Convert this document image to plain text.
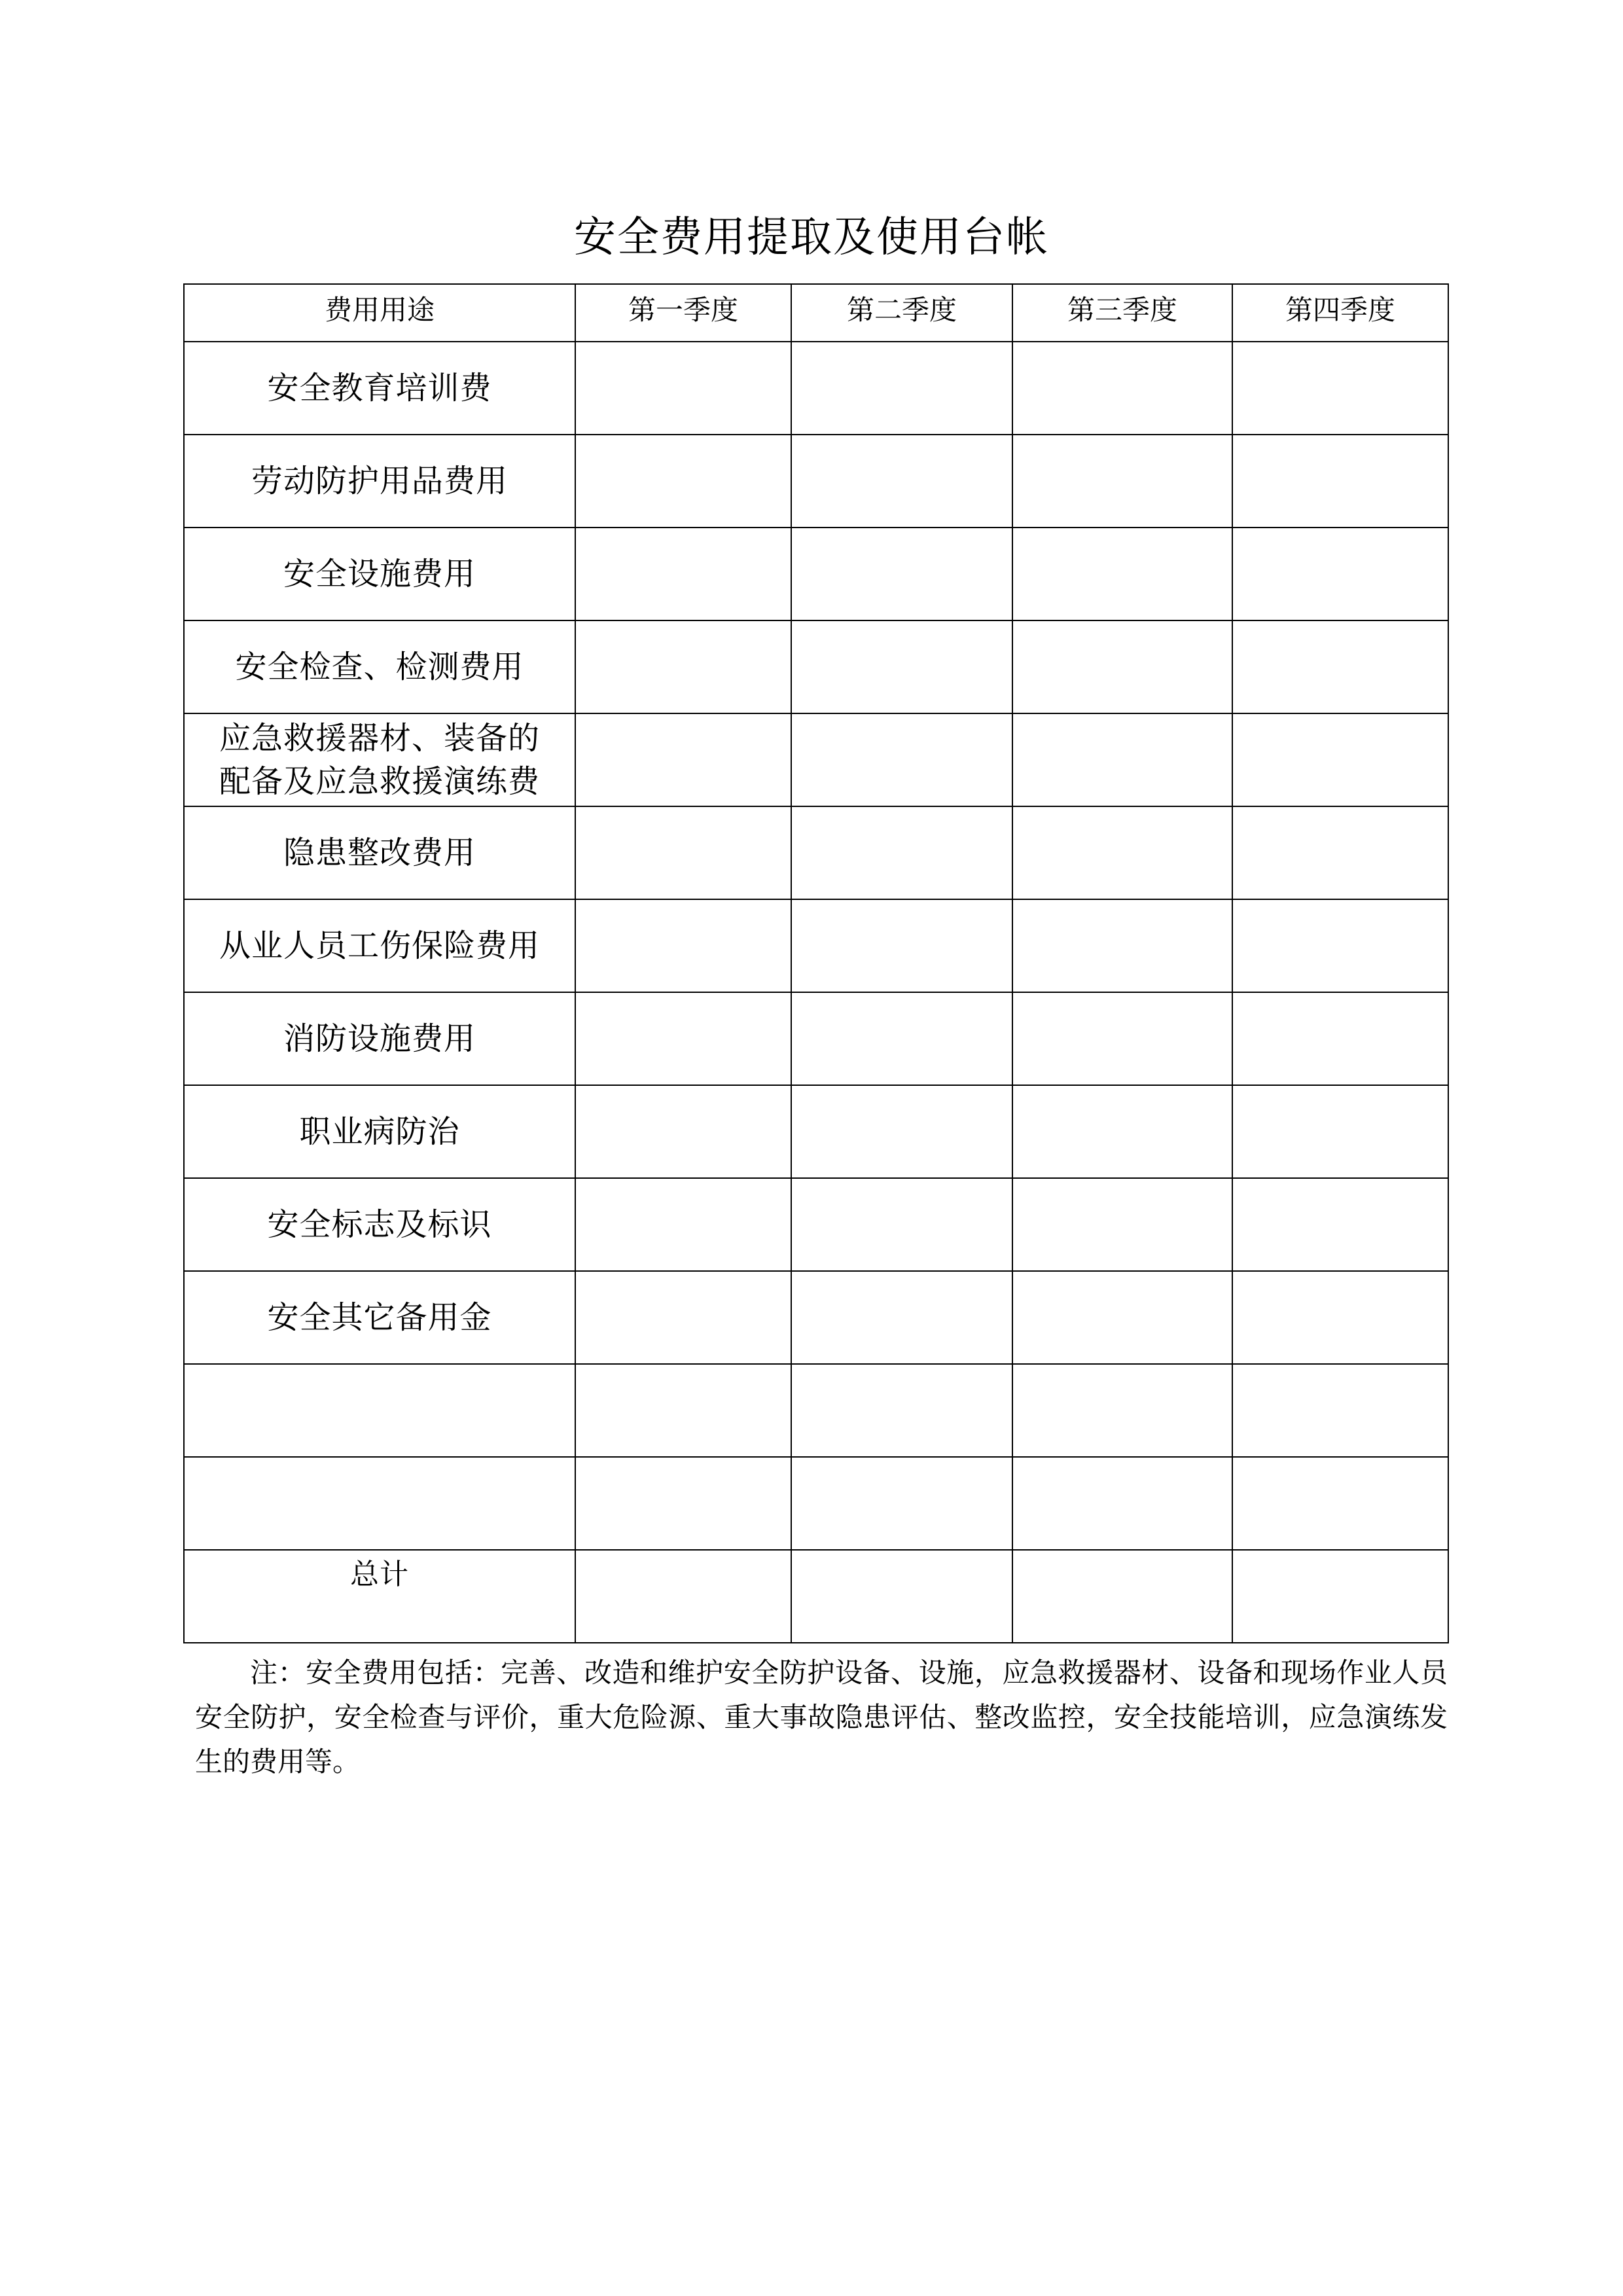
安全费用提取及使用台帐
费用用途	第一季度	第二季度	第三季度	第四季度

安全教育培训费				

劳动防护用品费用				

安全设施费用				

安全检查、检测费用				

应急救援器材、装备的
配备及应急救援演练费				

隐患整改费用				

从业人员工伤保险费用				

消防设施费用				

职业病防治				

安全标志及标识				

安全其它备用金				

总计				

注：安全费用包括：完善、改造和维护安全防护设备、设施，应急救援器材、设备和现场作业人员安全防护，安全检查与评价，重大危险源、重大事故隐患评估、整改监控，安全技能培训，应急演练发生的费用等。
